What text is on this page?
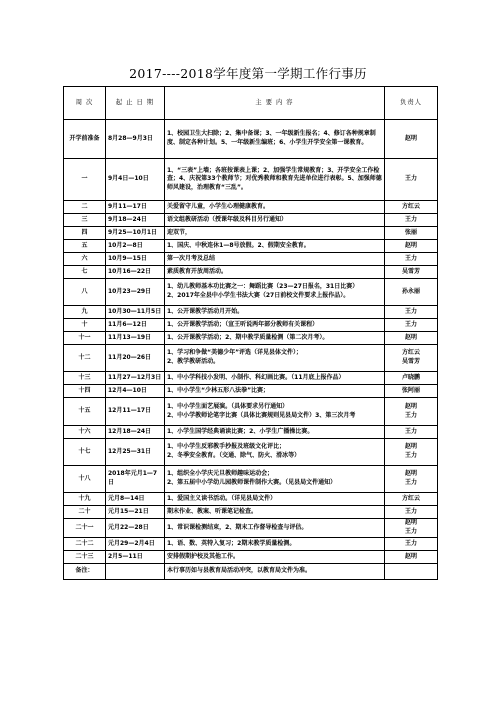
2017----2018学年度第一学期工作行事历
周 次	起 止 日 期	主 要 内 容	负责人
开学前准备	8月28—9月3日	1、校园卫生大扫除；2、集中备课；3、一年级新生报名；4、修订各种规章制度、制定各种计划。5、一年级新生编班；6、小学生开学安全第一课教育。	赵明

一	9月4日—10日	1、“三表”上墙；各班按课表上课；2、加强学生常规教育；3、开学安全工作检查；4、庆祝第33个教师节；对优秀教师和教育先进单位进行表彰。5、加强师德师风建设，治理教育“三乱”。	王力

二	9月11—17日	关爱留守儿童，小学生心理健康教育。	方红云

三	9月18—24日	语文组教研活动（授课年级及科目另行通知）	王力

四	9月25—10月1日	迎双节，	张丽

五	10月2—8日	1、国庆、中秋连休1—8号放假。2、假期安全教育。	赵明

六	10月9—15日	第一次月考及总结	王力

七	10月16—22日	素质教育开放周活动。	吴雪芳

八	10月23—29日	1、幼儿教师基本功比赛之一：舞蹈比赛（23—27日报名，31日比赛）
2、2017年全县中小学生书法大赛（27日前校文件要求上报作品）。	孙永丽

九	10月30—11月5日	1、公开课教学活动月开始。	王力

十	11月6—12日	1、公开课教学活动；（宣王听说两年部分教师有关课程）	王力

十一	11月13—19日	1、公开课教学活动；2、期中教学质量检测（第二次月考）。	赵明

十二	11月20—26日	1、学习和争做“美德少年”评选（详见县体文件）；
2、教学教研活动。	方红云
吴雪芳

十三	11月27—12月3日	1、中小学科技小发明、小制作、科幻画比赛。（11月底上报作品）	卢晓鹏

十四	12月4—10日	1、中小学生“少林五形八法拳”比赛；	张阿丽

十五	12月11—17日	1、中小学生面艺展演。（具体要求另行通知）
2、中小学教师论笔字比赛（具体比赛规则见县局文件）3、第三次月考	赵明
王力

十六	12月18—24日	1、小学生国学经典诵读比赛；2、小学生广播操比赛。	王力

十七	12月25—31日	1、中小学生反邪教手抄报及班级文化评比；
2、冬季安全教育。（交通、除气、防火、滑冰等）	赵明
王力

十八	2018年元月1—7日	1、组织全小学庆元旦教师趣味运动会；
2、第五届中小学幼儿园教师课件制作大赛。（见县局文件通知）	赵明
王力

十九	元月8—14日	1、爱国主义读书活动。（详见县局文件）	方红云

二十	元月15—21日	期末作业、教案、听课笔记检查。	王力

二十一	元月22—28日	1、常识课检测结束，2、期末工作督导检查与评估。	赵明
王力

二十二	元月29—2月4日	1、语、数、英特入复习；2期末教学质量检测。	王力

二十三	2月5—11日	安排假期护校及其他工作。	赵明

备注：		本行事历如与县教育局活动冲突，以教育局文件为准。	
